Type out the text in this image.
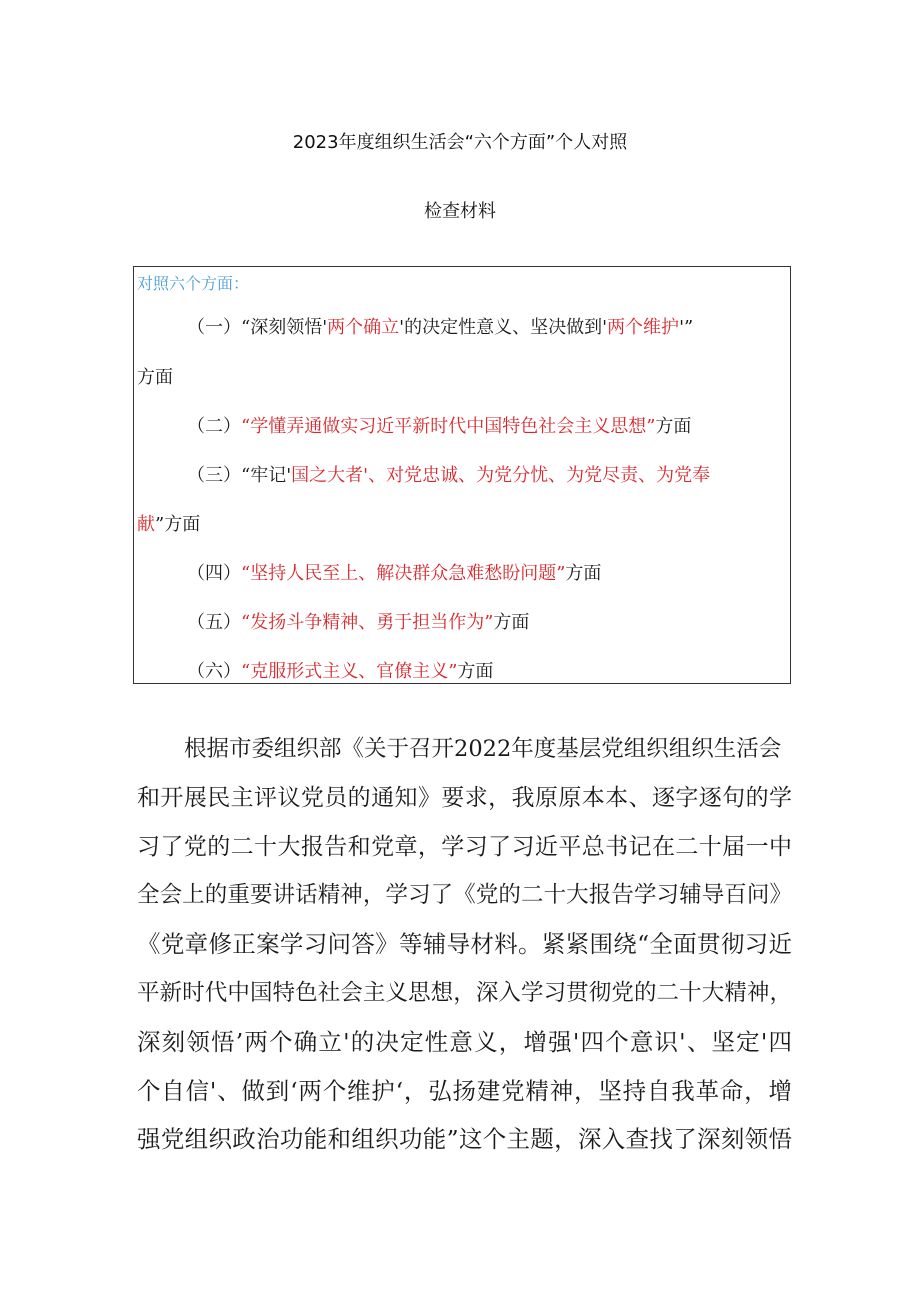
2023年度组织生活会“六个方面”个人对照
检查材料
对照六个方面：
（一）“深刻领悟'两个确立'的决定性意义、坚决做到'两个维护'”
方面
（二）“学懂弄通做实习近平新时代中国特色社会主义思想”方面
（三）“牢记'国之大者'、对党忠诚、为党分忧、为党尽责、为党奉
献”方面
（四）“坚持人民至上、解决群众急难愁盼问题”方面
（五）“发扬斗争精神、勇于担当作为”方面
（六）“克服形式主义、官僚主义”方面
根据市委组织部《关于召开2022年度基层党组织组织生活会
和开展民主评议党员的通知》要求，我原原本本、逐字逐句的学
习了党的二十大报告和党章，学习了习近平总书记在二十届一中
全会上的重要讲话精神，学习了《党的二十大报告学习辅导百问》
《党章修正案学习问答》等辅导材料。紧紧围绕“全面贯彻习近
平新时代中国特色社会主义思想，深入学习贯彻党的二十大精神，
深刻领悟’两个确立'的决定性意义，增强'四个意识'、坚定'四
个自信'、做到‘两个维护‘，弘扬建党精神，坚持自我革命，增
强党组织政治功能和组织功能”这个主题，深入查找了深刻领悟
